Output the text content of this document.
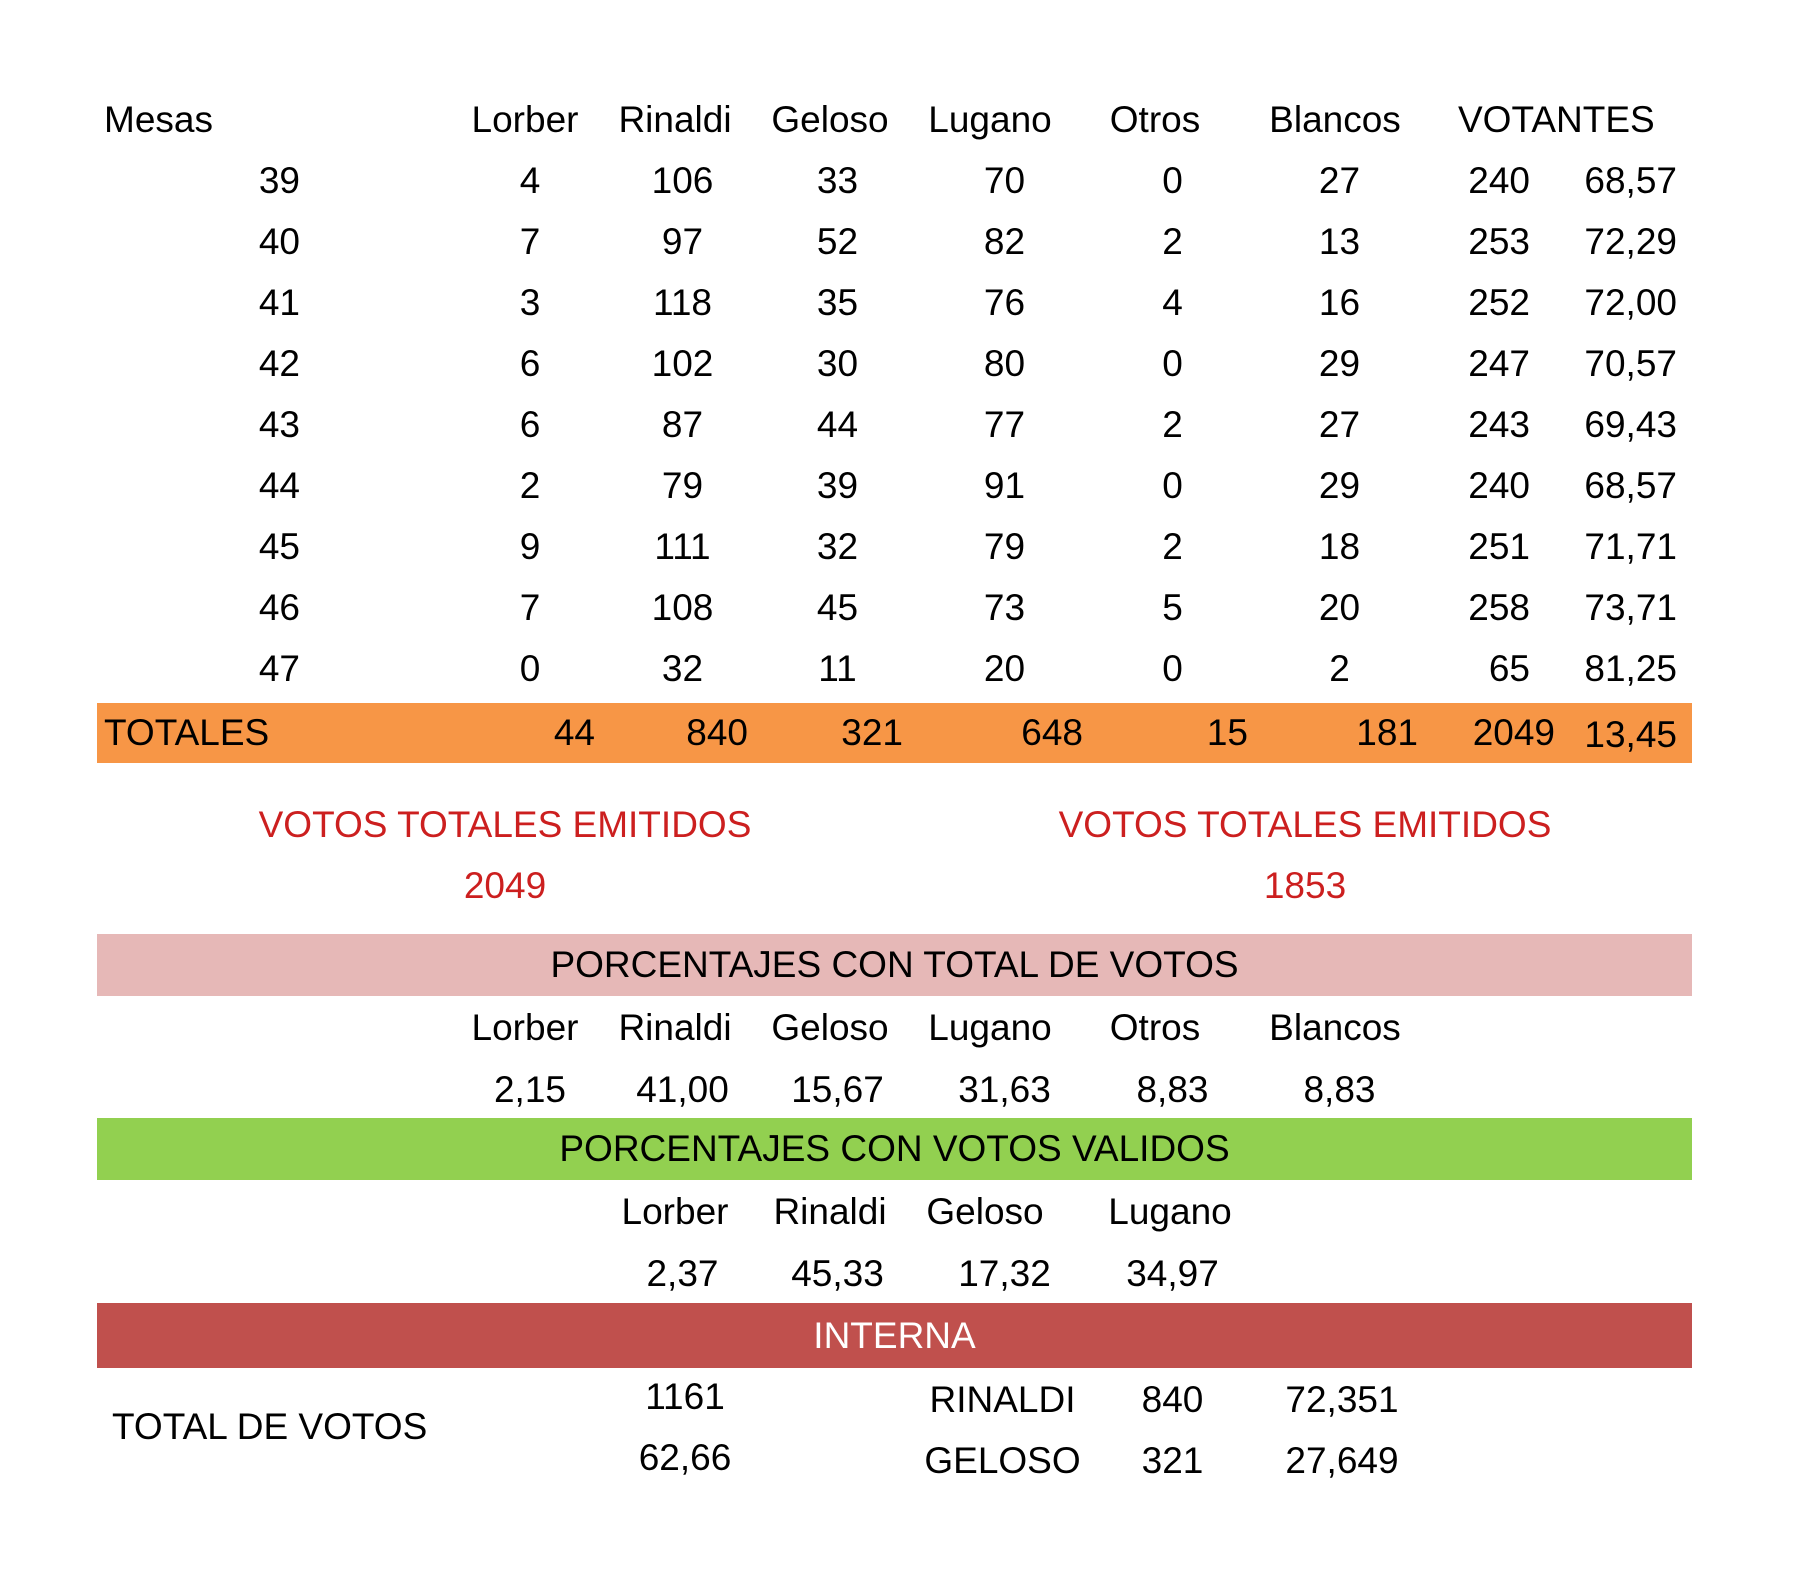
Mesas	Lorber	Rinaldi	Geloso	Lugano	Otros	Blancos	VOTANTES
39	4	106	33	70	0	27	240	68,57
40	7	97	52	82	2	13	253	72,29
41	3	118	35	76	4	16	252	72,00
42	6	102	30	80	0	29	247	70,57
43	6	87	44	77	2	27	243	69,43
44	2	79	39	91	0	29	240	68,57
45	9	111	32	79	2	18	251	71,71
46	7	108	45	73	5	20	258	73,71
47	0	32	11	20	0	2	65	81,25
TOTALES	44	840	321	648	15	181	2049 13,45
VOTOS TOTALES EMITIDOS
2049
VOTOS TOTALES EMITIDOS
1853
PORCENTAJES CON TOTAL DE VOTOS
Lorber	Rinaldi	Geloso	Lugano	Otros	Blancos
2,15	41,00	15,67	31,63	8,83	8,83
PORCENTAJES CON VOTOS VALIDOS
Lorber	Rinaldi	Geloso	Lugano
2,37	45,33	17,32	34,97
INTERNA
TOTAL DE VOTOS
1161
62,66
RINALDI	840	72,351
GELOSO	321	27,649
